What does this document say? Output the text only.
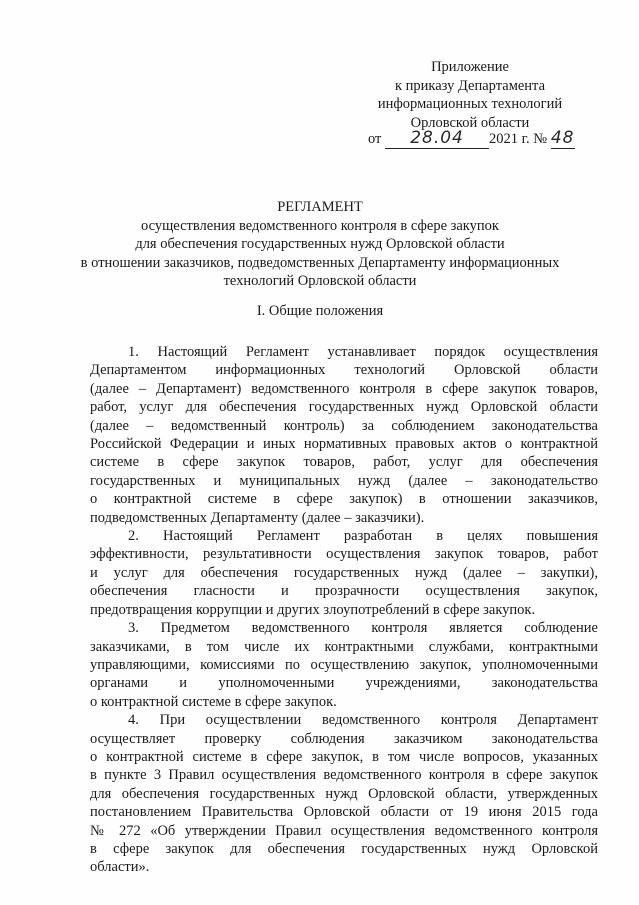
Приложение
к приказу Департамента
информационных технологий
Орловской области
от	28.04	2021 г. № 48

РЕГЛАМЕНТ
осуществления ведомственного контроля в сфере закупок
для обеспечения государственных нужд Орловской области
в отношении заказчиков, подведомственных Департаменту информационных
технологий Орловской области
I. Общие положения
1. Настоящий Регламент устанавливает порядок осуществления
Департаментом информационных технологий Орловской области
(далее – Департамент) ведомственного контроля в сфере закупок товаров,
работ, услуг для обеспечения государственных нужд Орловской области
(далее – ведомственный контроль) за соблюдением законодательства
Российской Федерации и иных нормативных правовых актов о контрактной
системе в сфере закупок товаров, работ, услуг для обеспечения
государственных и муниципальных нужд (далее – законодательство
о контрактной системе в сфере закупок) в отношении заказчиков,
подведомственных Департаменту (далее – заказчики).
2. Настоящий Регламент разработан в целях повышения
эффективности, результативности осуществления закупок товаров, работ
и услуг для обеспечения государственных нужд (далее – закупки),
обеспечения гласности и прозрачности осуществления закупок,
предотвращения коррупции и других злоупотреблений в сфере закупок.
3. Предметом ведомственного контроля является соблюдение
заказчиками, в том числе их контрактными службами, контрактными
управляющими, комиссиями по осуществлению закупок, уполномоченными
органами и уполномоченными учреждениями, законодательства
о контрактной системе в сфере закупок.
4. При осуществлении ведомственного контроля Департамент
осуществляет проверку соблюдения заказчиком законодательства
о контрактной системе в сфере закупок, в том числе вопросов, указанных
в пункте 3 Правил осуществления ведомственного контроля в сфере закупок
для обеспечения государственных нужд Орловской области, утвержденных
постановлением Правительства Орловской области от 19 июня 2015 года
№ 272 «Об утверждении Правил осуществления ведомственного контроля
в сфере закупок для обеспечения государственных нужд Орловской
области».
